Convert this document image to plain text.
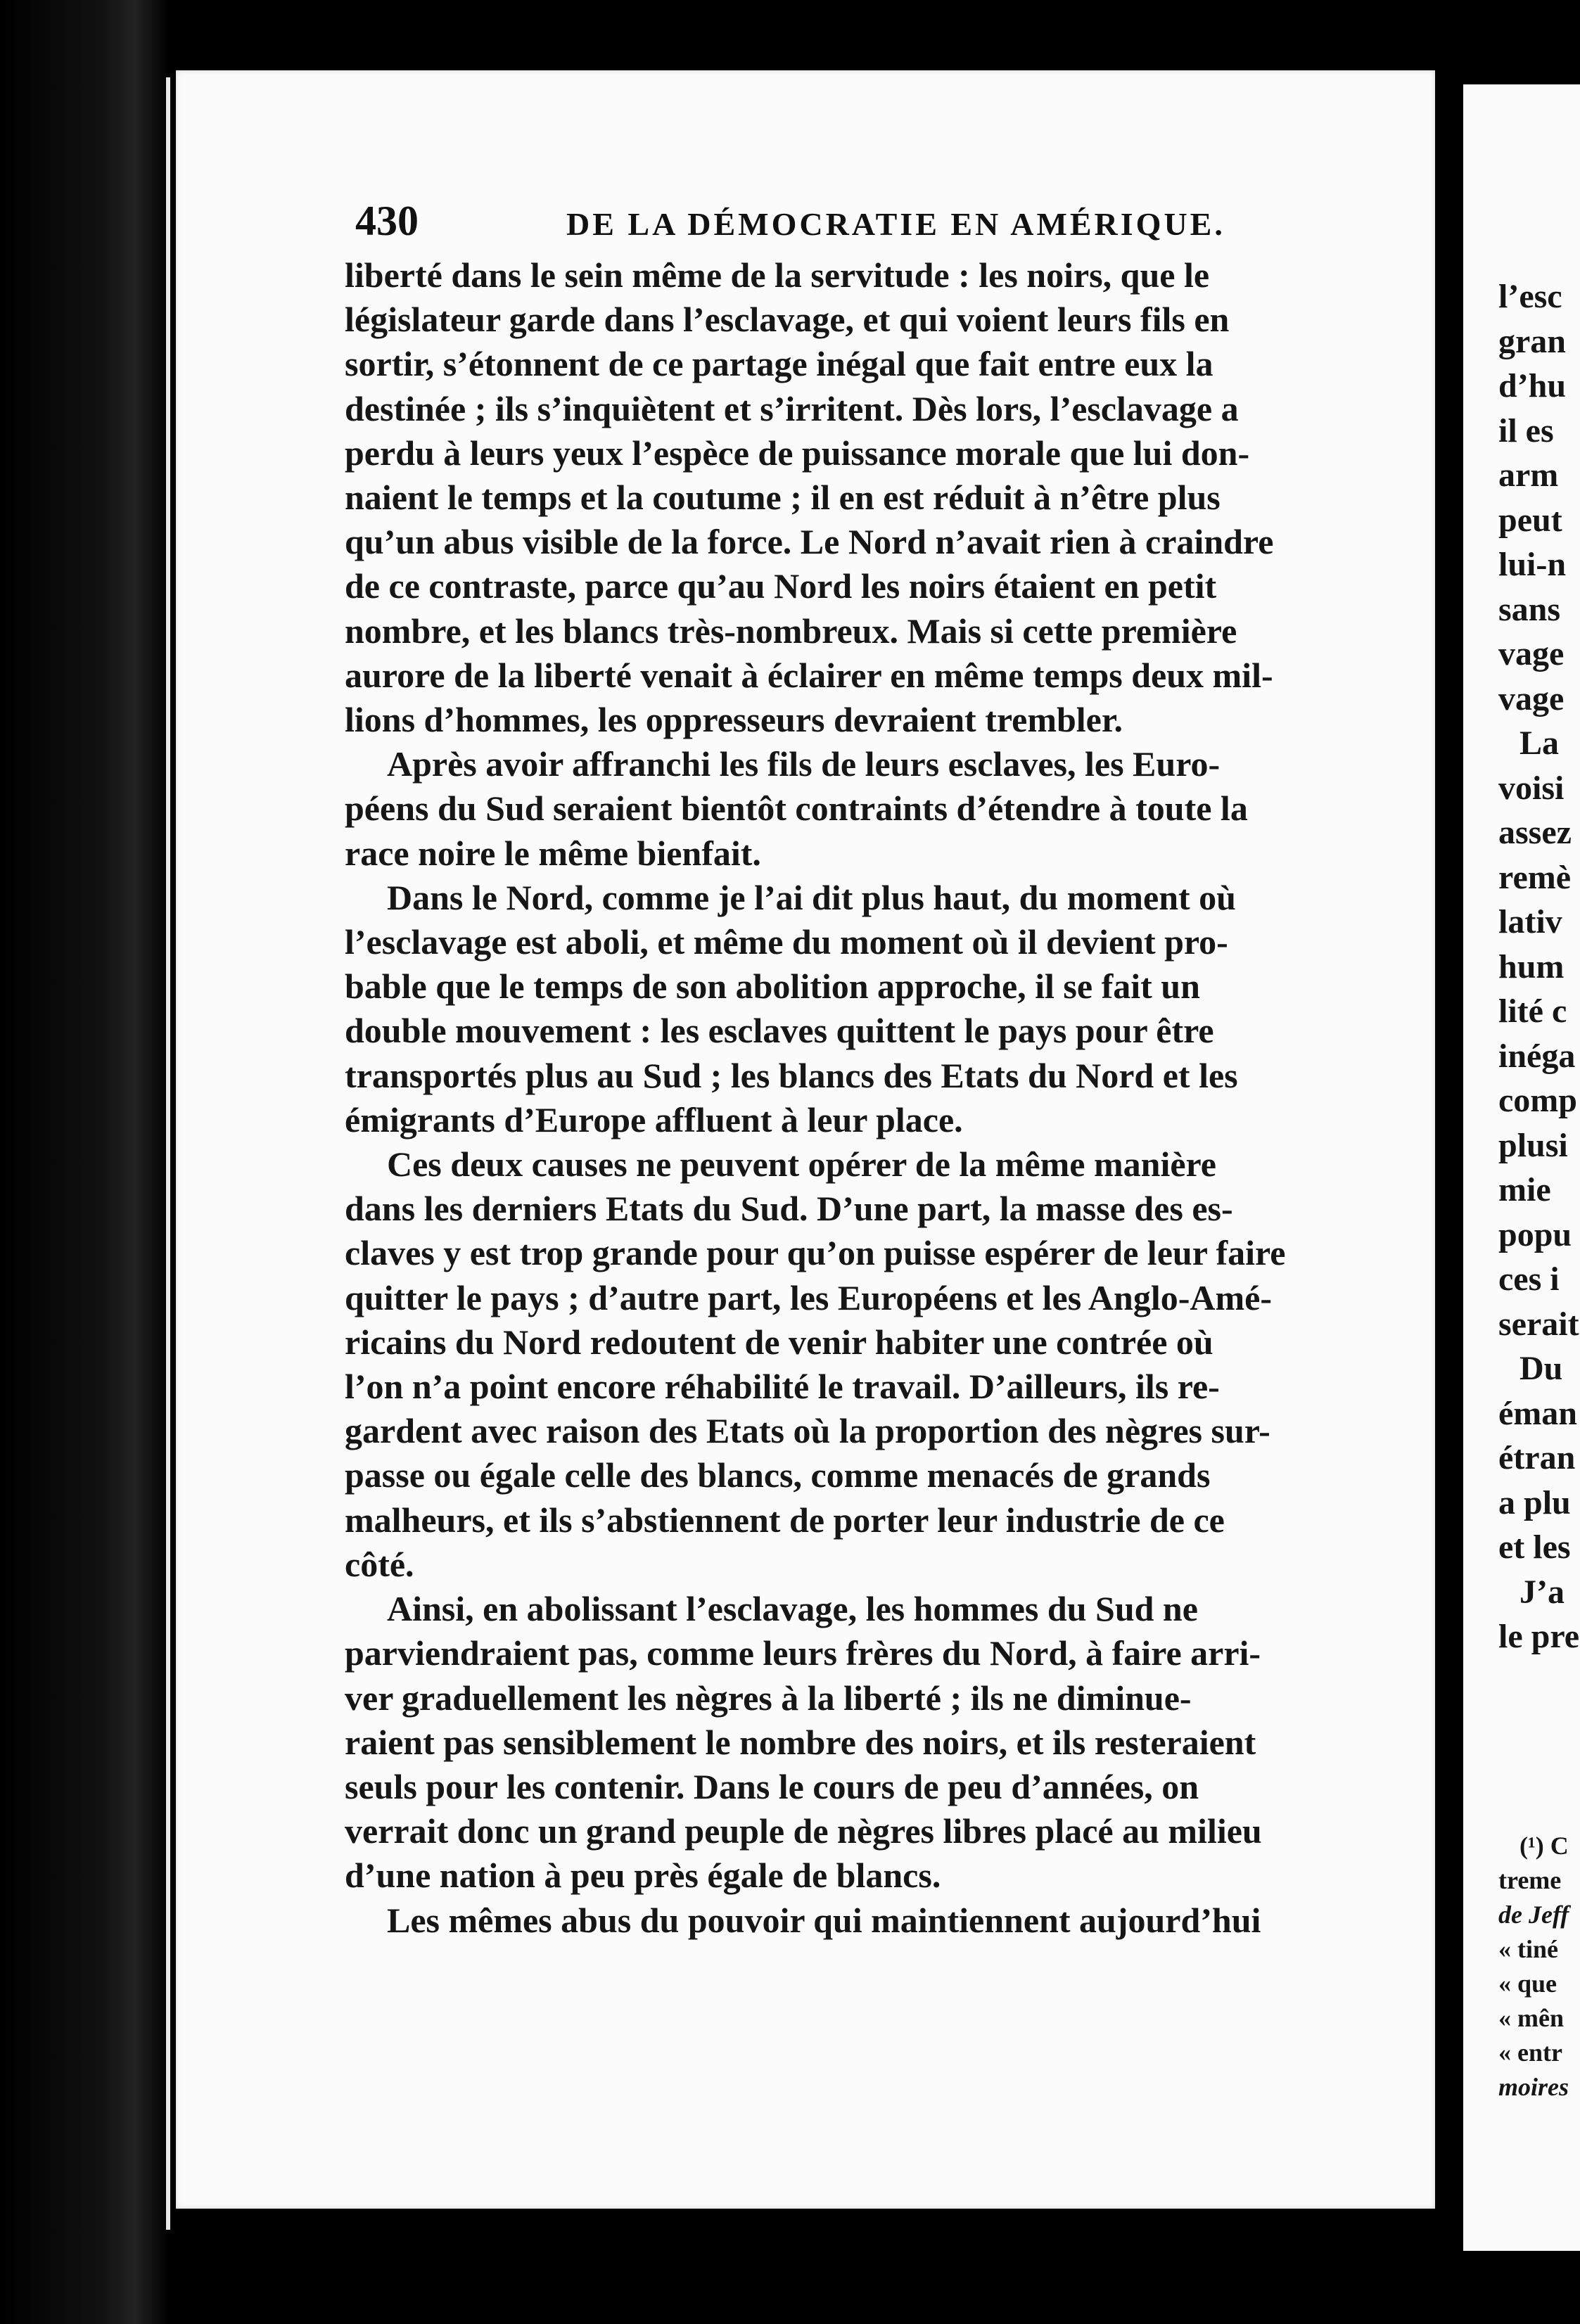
430	DE LA DÉMOCRATIE EN AMÉRIQUE.

liberté dans le sein même de la servitude : les noirs, que le

législateur garde dans l’esclavage, et qui voient leurs fils en

sortir, s’étonnent de ce partage inégal que fait entre eux la

destinée ; ils s’inquiètent et s’irritent. Dès lors, l’esclavage a

perdu à leurs yeux l’espèce de puissance morale que lui don-

naient le temps et la coutume ; il en est réduit à n’être plus

qu’un abus visible de la force. Le Nord n’avait rien à craindre

de ce contraste, parce qu’au Nord les noirs étaient en petit

nombre, et les blancs très-nombreux. Mais si cette première

aurore de la liberté venait à éclairer en même temps deux mil-

lions d’hommes, les oppresseurs devraient trembler.

Après avoir affranchi les fils de leurs esclaves, les Euro-

péens du Sud seraient bientôt contraints d’étendre à toute la

race noire le même bienfait.

Dans le Nord, comme je l’ai dit plus haut, du moment où

l’esclavage est aboli, et même du moment où il devient pro-

bable que le temps de son abolition approche, il se fait un

double mouvement : les esclaves quittent le pays pour être

transportés plus au Sud ; les blancs des Etats du Nord et les

émigrants d’Europe affluent à leur place.

Ces deux causes ne peuvent opérer de la même manière

dans les derniers Etats du Sud. D’une part, la masse des es-

claves y est trop grande pour qu’on puisse espérer de leur faire

quitter le pays ; d’autre part, les Européens et les Anglo-Amé-

ricains du Nord redoutent de venir habiter une contrée où

l’on n’a point encore réhabilité le travail. D’ailleurs, ils re-

gardent avec raison des Etats où la proportion des nègres sur-

passe ou égale celle des blancs, comme menacés de grands

malheurs, et ils s’abstiennent de porter leur industrie de ce

côté.

Ainsi, en abolissant l’esclavage, les hommes du Sud ne

parviendraient pas, comme leurs frères du Nord, à faire arri-

ver graduellement les nègres à la liberté ; ils ne diminue-

raient pas sensiblement le nombre des noirs, et ils resteraient

seuls pour les contenir. Dans le cours de peu d’années, on

verrait donc un grand peuple de nègres libres placé au milieu

d’une nation à peu près égale de blancs.

Les mêmes abus du pouvoir qui maintiennent aujourd’hui

l’esc
gran
d’hu
il es
arm
peut
lui-n
sans
vage
vage
La
voisi
assez
remè
lativ
hum
lité c
inéga
comp
plusi
mie
popu
ces i
serait
Du
éman
étran
a plu
et les
J’a
le pre
(¹) C
treme
de Jeff
« tiné
« que
« mên
« entr
moires
